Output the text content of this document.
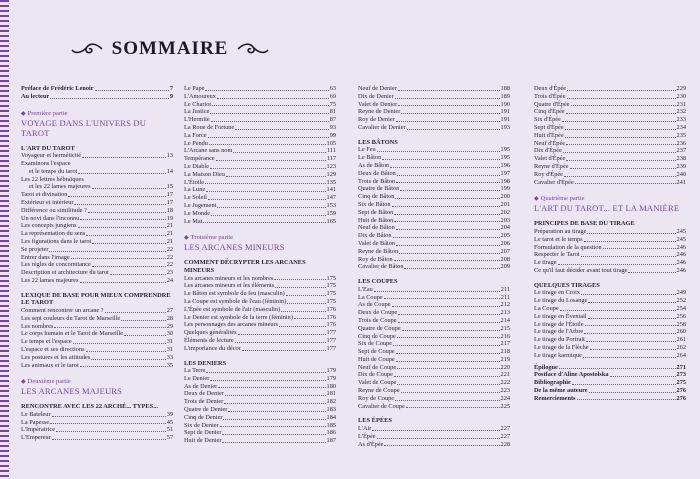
SOMMAIRE
Préface de Frédéric Lenoir	7
Au lecteur	9
◆ Première partie
VOYAGE DANS L'UNIVERS DU TAROT
L'ART DU TAROT
Voyageur et herméticité	13
Examinons l'espace
et le temps du tarot	14
Les 22 lettres hébraïques
et les 22 lames majeures	15
Tarot et divination	17
Extérieur et intérieur	17
Différence ou similitude ?	18
Un novi dans l'inconnu	19
Les concepts jungiens	21
La représentation du sens	21
Les figurations dans le tarot	21
Se projeter	22
Entrer dans l'image	22
Les règles de concomitance	22
Description et architecture du tarot	23
Les 22 lames majeures	24
LEXIQUE DE BASE POUR MIEUX COMPRENDRE LE TAROT
Comment rencontrer un arcane ?	27
Les sept couleurs du Tarot de Marseille	28
Les nombres	29
Le corps humain et le Tarot de Marseille	30
Le temps et l'espace	31
L'espace et ses directions	31
Les postures et les attitudes	33
Les animaux et le tarot	35
◆ Deuxième partie
LES ARCANES MAJEURS
RENCONTRE AVEC LES 22 ARCHÉ... TYPES...
Le Bateleur	39
La Papesse	45
L'Impératrice	51
L'Empereur	57
Le Pape	63
L'Amoureux	69
Le Chariot	75
La Justice	81
L'Hermite	87
La Roue de Fortune	93
La Force	99
Le Pendu	105
L'Arcane sans nom	111
Tempérance	117
Le Diable	123
La Maison Dieu	129
L'Étoile	135
La Lune	141
Le Soleil	147
Le Jugement	153
Le Monde	159
Le Mat	165
◆ Troisième partie
LES ARCANES MINEURS
COMMENT DÉCRYPTER LES ARCANES MINEURS
Les arcanes mineurs et les nombres	175
Les arcanes mineurs et les éléments	175
Le Bâton est symbole du feu (masculin)	175
La Coupe est symbole de l'eau (féminin)	175
L'Épée est symbole de l'air (masculin)	176
Le Denier est symbole de la terre (féminin)	176
Les personnages des arcanes mineurs	176
Quelques généralités	177
Éléments de lecture	177
L'importance du décor	177
LES DENIERS
La Terre	179
Le Denier	179
As de Denier	180
Deux de Denier	181
Trois de Denier	182
Quatre de Denier	183
Cinq de Denier	184
Six de Denier	185
Sept de Denier	186
Huit de Denier	187
Neuf de Denier	188
Dix de Denier	189
Valet de Denier	190
Reyne de Denier	191
Roy de Denier	191
Cavalier de Denier	193
LES BÂTONS
Le Feu	195
Le Bâton	195
As de Bâton	196
Deux de Bâton	197
Trois de Bâton	198
Quatre de Bâton	199
Cinq de Bâton	200
Six de Bâton	201
Sept de Bâton	202
Huit de Bâton	203
Neuf de Bâton	204
Dix de Bâton	205
Valet de Bâton	206
Reyne de Bâton	207
Roy de Bâton	208
Cavalier de Bâton	209
LES COUPES
L'Eau	211
La Coupe	211
As de Coupe	212
Deux de Coupe	213
Trois de Coupe	214
Quatre de Coupe	215
Cinq de Coupe	216
Six de Coupe	217
Sept de Coupe	218
Huit de Coupe	219
Neuf de Coupe	220
Dix de Coupe	221
Valet de Coupe	222
Reyne de Coupe	223
Roy de Coupe	224
Cavalier de Coupe	225
LES ÉPÉES
L'Air	227
L'Épée	227
As d'Épée	228
Deux d'Épée	229
Trois d'Épée	230
Quatre d'Épée	231
Cinq d'Épée	232
Six d'Épée	233
Sept d'Épée	234
Huit d'Épée	235
Neuf d'Épée	236
Dix d'Épée	237
Valet d'Épée	238
Reyne d'Épée	239
Roy d'Épée	240
Cavalier d'Épée	241
◆ Quatrième partie
L'ART DU TAROT... ET LA MANIÈRE
PRINCIPES DE BASE DU TIRAGE
Préparation au tirage	245
Le tarot et le temps	245
Formulation de la question	246
Respecter le Tarot	246
Le tirage	246
Ce qu'il faut décider avant tout tirage	246
QUELQUES TIRAGES
Le tirage en Croix	249
Le tirage du Losange	252
La Coupe	254
Le tirage en Éventail	256
Le tirage de l'Étoile	258
Le tirage de l'Arbre	260
Le tirage du Portrait	261
Le tirage de la Flèche	262
Le tirage karmique	264
Épilogue	271
Postface d'Aline Apostolska	273
Bibliographie	275
De la même auteure	276
Remerciements	276
